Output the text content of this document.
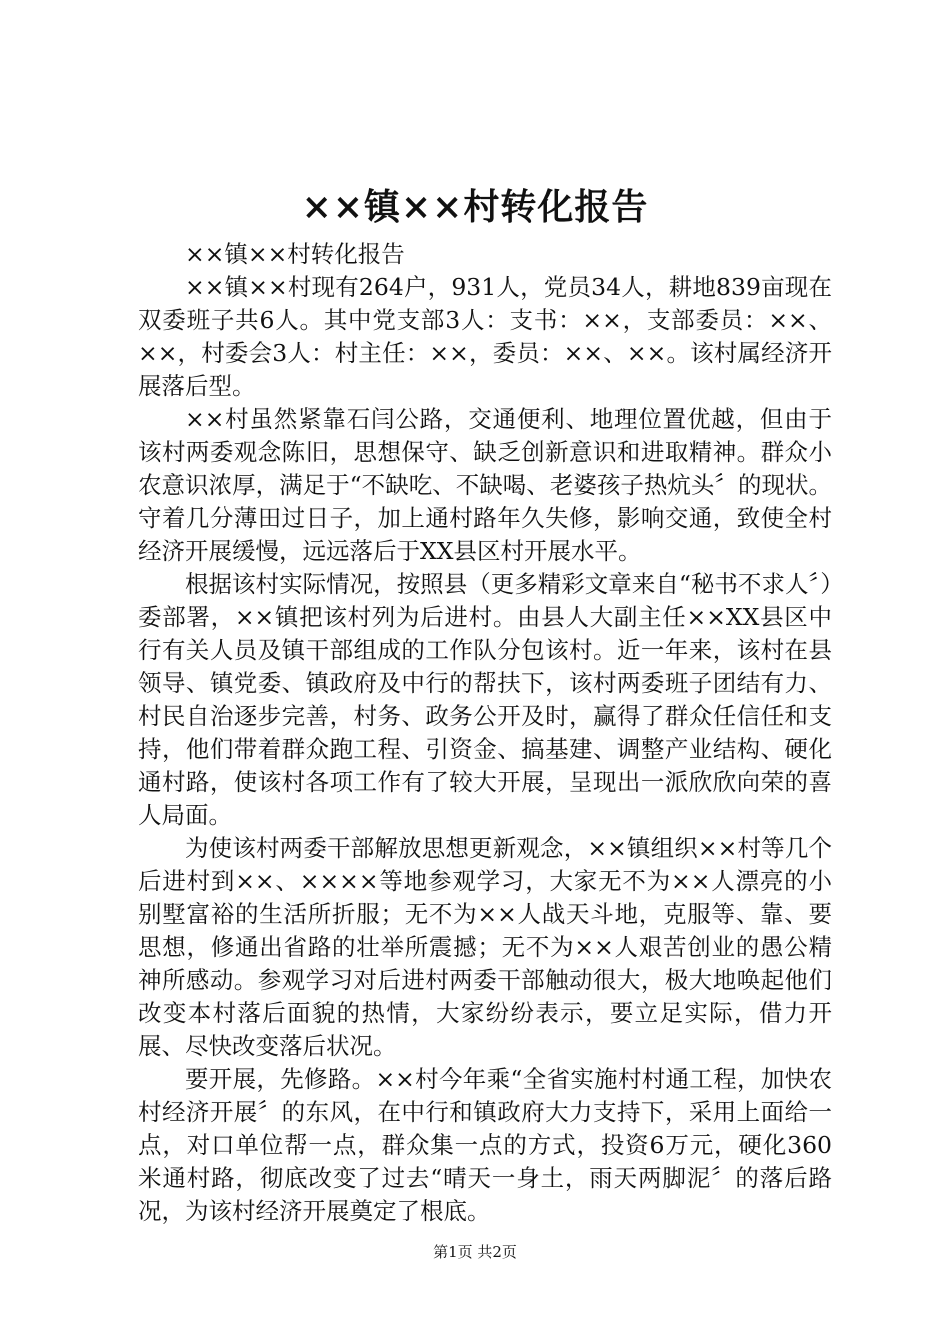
××镇××村转化报告

××镇××村转化报告

××镇××村现有264户，931人，党员34人，耕地839亩现在双委班子共6人。其中党支部3人：支书：××，支部委员：××、××，村委会3人：村主任：××，委员：××、××。该村属经济开展落后型。

××村虽然紧靠石闫公路，交通便利、地理位置优越，但由于该村两委观念陈旧，思想保守、缺乏创新意识和进取精神。群众小农意识浓厚，满足于“不缺吃、不缺喝、老婆孩子热炕头〞的现状。守着几分薄田过日子，加上通村路年久失修，影响交通，致使全村经济开展缓慢，远远落后于XX县区村开展水平。

根据该村实际情况，按照县（更多精彩文章来自“秘书不求人〞）委部署，××镇把该村列为后进村。由县人大副主任××XX县区中行有关人员及镇干部组成的工作队分包该村。近一年来，该村在县领导、镇党委、镇政府及中行的帮扶下，该村两委班子团结有力、村民自治逐步完善，村务、政务公开及时，赢得了群众任信任和支持，他们带着群众跑工程、引资金、搞基建、调整产业结构、硬化通村路，使该村各项工作有了较大开展，呈现出一派欣欣向荣的喜人局面。

为使该村两委干部解放思想更新观念，××镇组织××村等几个后进村到××、××××等地参观学习，大家无不为××人漂亮的小别墅富裕的生活所折服；无不为××人战天斗地，克服等、靠、要思想，修通出省路的壮举所震撼；无不为××人艰苦创业的愚公精神所感动。参观学习对后进村两委干部触动很大，极大地唤起他们改变本村落后面貌的热情，大家纷纷表示，要立足实际，借力开展、尽快改变落后状况。

要开展，先修路。××村今年乘“全省实施村村通工程，加快农村经济开展〞的东风，在中行和镇政府大力支持下，采用上面给一点，对口单位帮一点，群众集一点的方式，投资6万元，硬化360米通村路，彻底改变了过去“晴天一身土，雨天两脚泥〞的落后路况，为该村经济开展奠定了根底。

第1页 共2页
